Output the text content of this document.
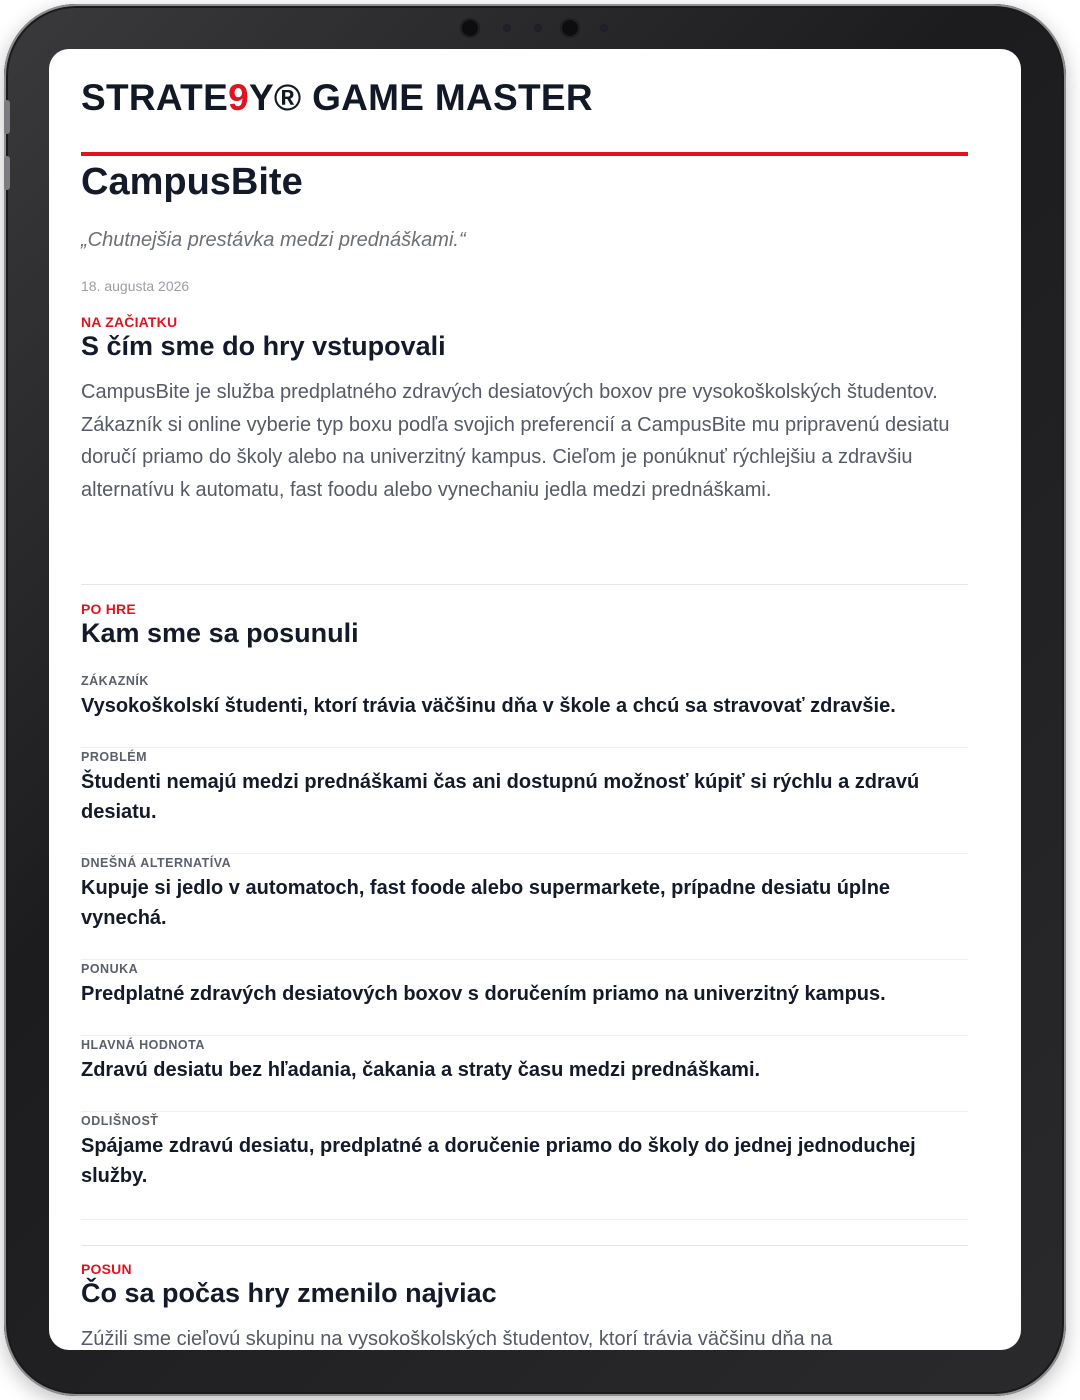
STRATE9Y® GAME MASTER
CampusBite
„Chutnejšia prestávka medzi prednáškami.“
18. augusta 2026
NA ZAČIATKU
S čím sme do hry vstupovali

CampusBite je služba predplatného zdravých desiatových boxov pre vysokoškolských študentov. Zákazník si online vyberie typ boxu podľa svojich preferencií a CampusBite mu pripravenú desiatu doručí priamo do školy alebo na univerzitný kampus. Cieľom je ponúknuť rýchlejšiu a zdravšiu alternatívu k automatu, fast foodu alebo vynechaniu jedla medzi prednáškami.

PO HRE
Kam sme sa posunuli
ZÁKAZNÍK
Vysokoškolskí študenti, ktorí trávia väčšinu dňa v škole a chcú sa stravovať zdravšie.
PROBLÉM
Študenti nemajú medzi prednáškami čas ani dostupnú možnosť kúpiť si rýchlu a zdravú desiatu.
DNEŠNÁ ALTERNATÍVA
Kupuje si jedlo v automatoch, fast foode alebo supermarkete, prípadne desiatu úplne vynechá.
PONUKA
Predplatné zdravých desiatových boxov s doručením priamo na univerzitný kampus.
HLAVNÁ HODNOTA
Zdravú desiatu bez hľadania, čakania a straty času medzi prednáškami.
ODLIŠNOSŤ
Spájame zdravú desiatu, predplatné a doručenie priamo do školy do jednej jednoduchej služby.
POSUN
Čo sa počas hry zmenilo najviac

Zúžili sme cieľovú skupinu na vysokoškolských študentov, ktorí trávia väčšinu dňa na
